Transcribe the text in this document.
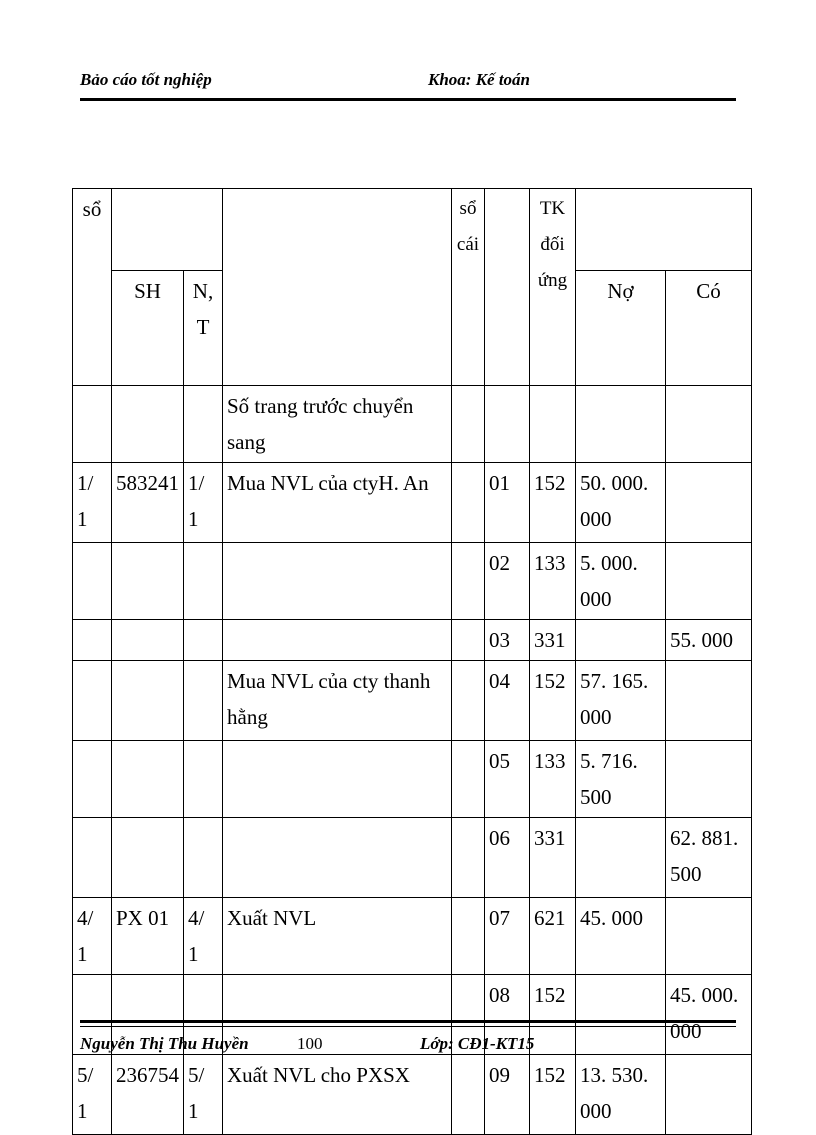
Bảo cáo tốt nghiệp	Khoa: Kế toán
sổ				sổ cái		TK đối ứng		
	SH	N, T					Nợ	Có
			Số trang trước chuyển sang					
1/ 1	583241	1/ 1	Mua NVL của ctyH. An		01	152	50. 000. 000	
					02	133	5. 000. 000	
					03	331		55. 000
			Mua NVL của cty thanh hằng		04	152	57. 165. 000	
					05	133	5. 716. 500	
					06	331		62. 881. 500
4/ 1	PX 01	4/ 1	Xuất NVL		07	621	45. 000	
					08	152		45. 000. 000
5/ 1	236754	5/ 1	Xuất NVL cho PXSX		09	152	13. 530. 000	
Nguyễn Thị Thu Huyền	100	Lớp: CĐ1-KT15
